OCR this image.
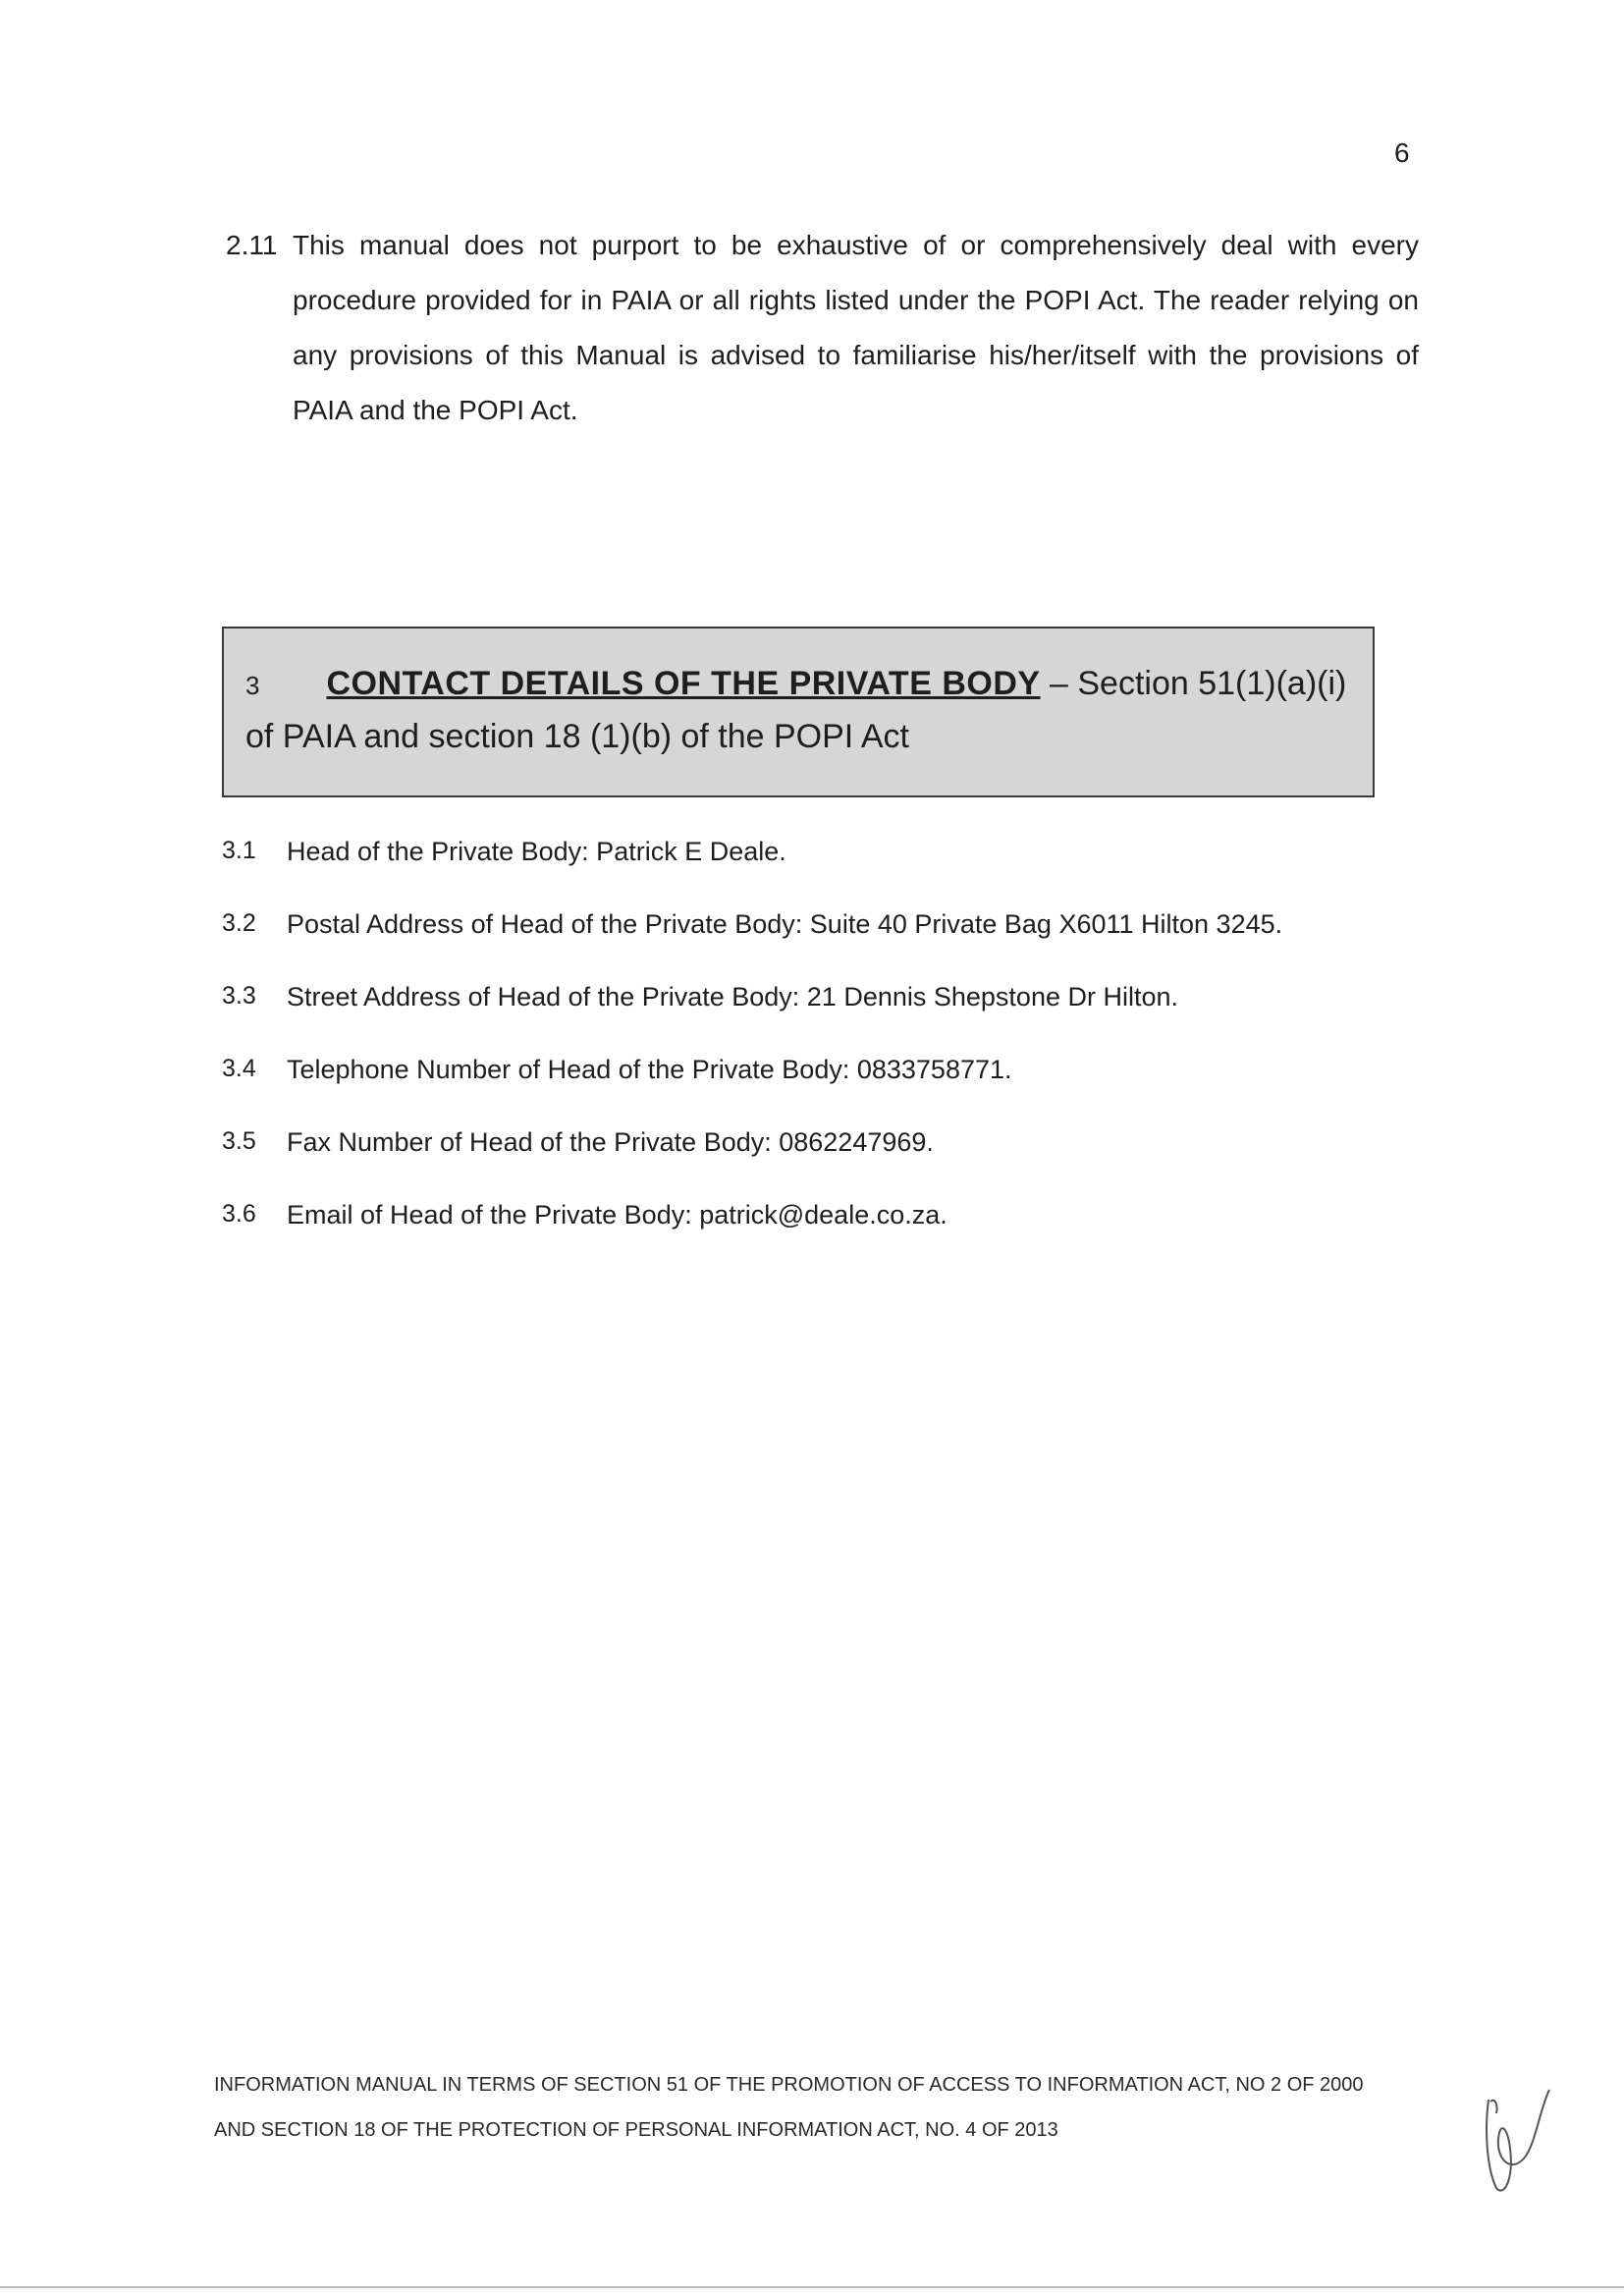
6
2.11 This manual does not purport to be exhaustive of or comprehensively deal with every procedure provided for in PAIA or all rights listed under the POPI Act. The reader relying on any provisions of this Manual is advised to familiarise his/her/itself with the provisions of PAIA and the POPI Act.
3 CONTACT DETAILS OF THE PRIVATE BODY – Section 51(1)(a)(i) of PAIA and section 18 (1)(b) of the POPI Act
3.1 Head of the Private Body: Patrick E Deale.
3.2 Postal Address of Head of the Private Body: Suite 40 Private Bag X6011 Hilton 3245.
3.3 Street Address of Head of the Private Body: 21 Dennis Shepstone Dr Hilton.
3.4 Telephone Number of Head of the Private Body: 0833758771.
3.5 Fax Number of Head of the Private Body: 0862247969.
3.6 Email of Head of the Private Body: patrick@deale.co.za.
INFORMATION MANUAL IN TERMS OF SECTION 51 OF THE PROMOTION OF ACCESS TO INFORMATION ACT, NO 2 OF 2000
AND SECTION 18 OF THE PROTECTION OF PERSONAL INFORMATION ACT, NO. 4 OF 2013
